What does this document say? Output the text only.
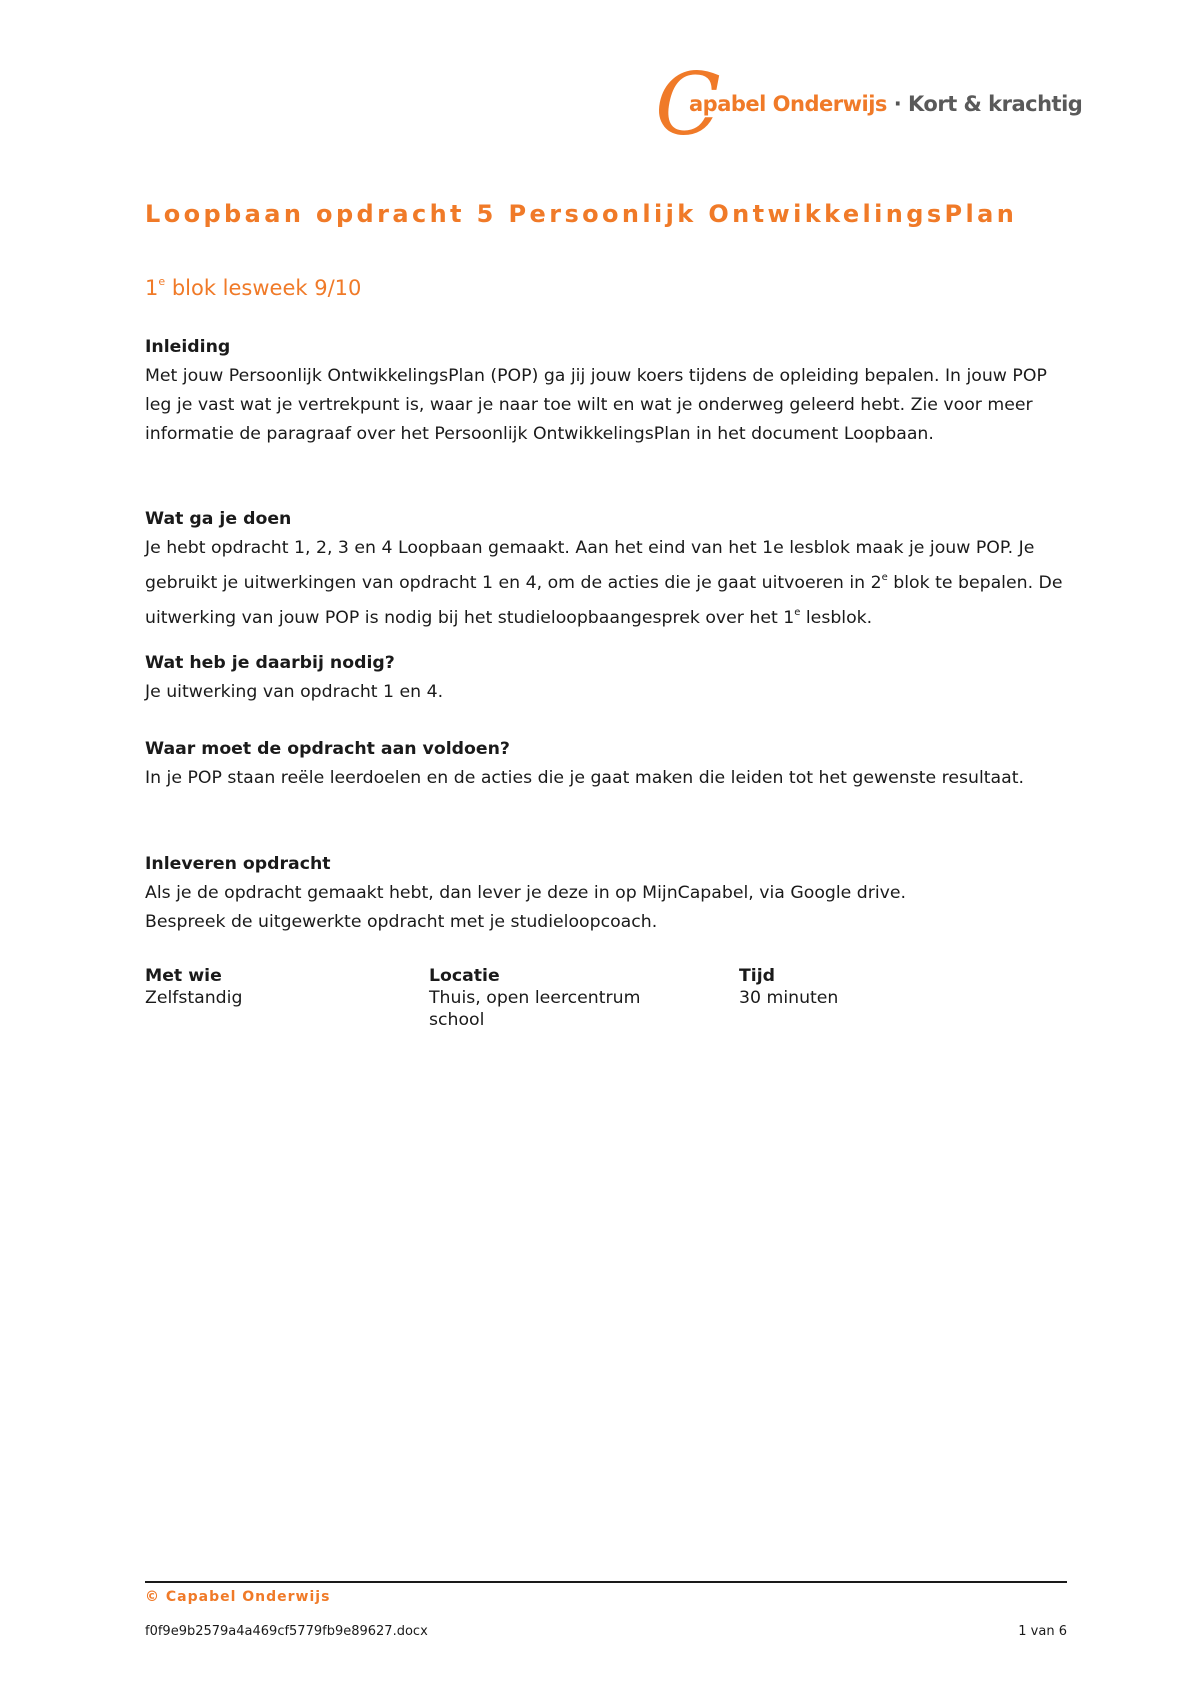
C
apabel Onderwijs · Kort & krachtig
Loopbaan opdracht 5 Persoonlijk OntwikkelingsPlan
1e blok lesweek 9/10
Inleiding

Met jouw Persoonlijk OntwikkelingsPlan (POP) ga jij jouw koers tijdens de opleiding bepalen. In jouw POP leg je vast wat je vertrekpunt is, waar je naar toe wilt en wat je onderweg geleerd hebt. Zie voor meer informatie de paragraaf over het Persoonlijk OntwikkelingsPlan in het document Loopbaan.

Wat ga je doen

Je hebt opdracht 1, 2, 3 en 4 Loopbaan gemaakt. Aan het eind van het 1e lesblok maak je jouw POP. Je gebruikt je uitwerkingen van opdracht 1 en 4, om de acties die je gaat uitvoeren in 2e blok te bepalen. De uitwerking van jouw POP is nodig bij het studieloopbaangesprek over het 1e lesblok.

Wat heb je daarbij nodig?

Je uitwerking van opdracht 1 en 4.

Waar moet de opdracht aan voldoen?

In je POP staan reële leerdoelen en de acties die je gaat maken die leiden tot het gewenste resultaat.

Inleveren opdracht

Als je de opdracht gemaakt hebt, dan lever je deze in op MijnCapabel, via Google drive.

Bespreek de uitgewerkte opdracht met je studieloopcoach.

Met wie
Zelfstandig
Locatie
Thuis, open leercentrum
school
Tijd
30 minuten
© Capabel Onderwijs
f0f9e9b2579a4a469cf5779fb9e89627.docx	1 van 6
